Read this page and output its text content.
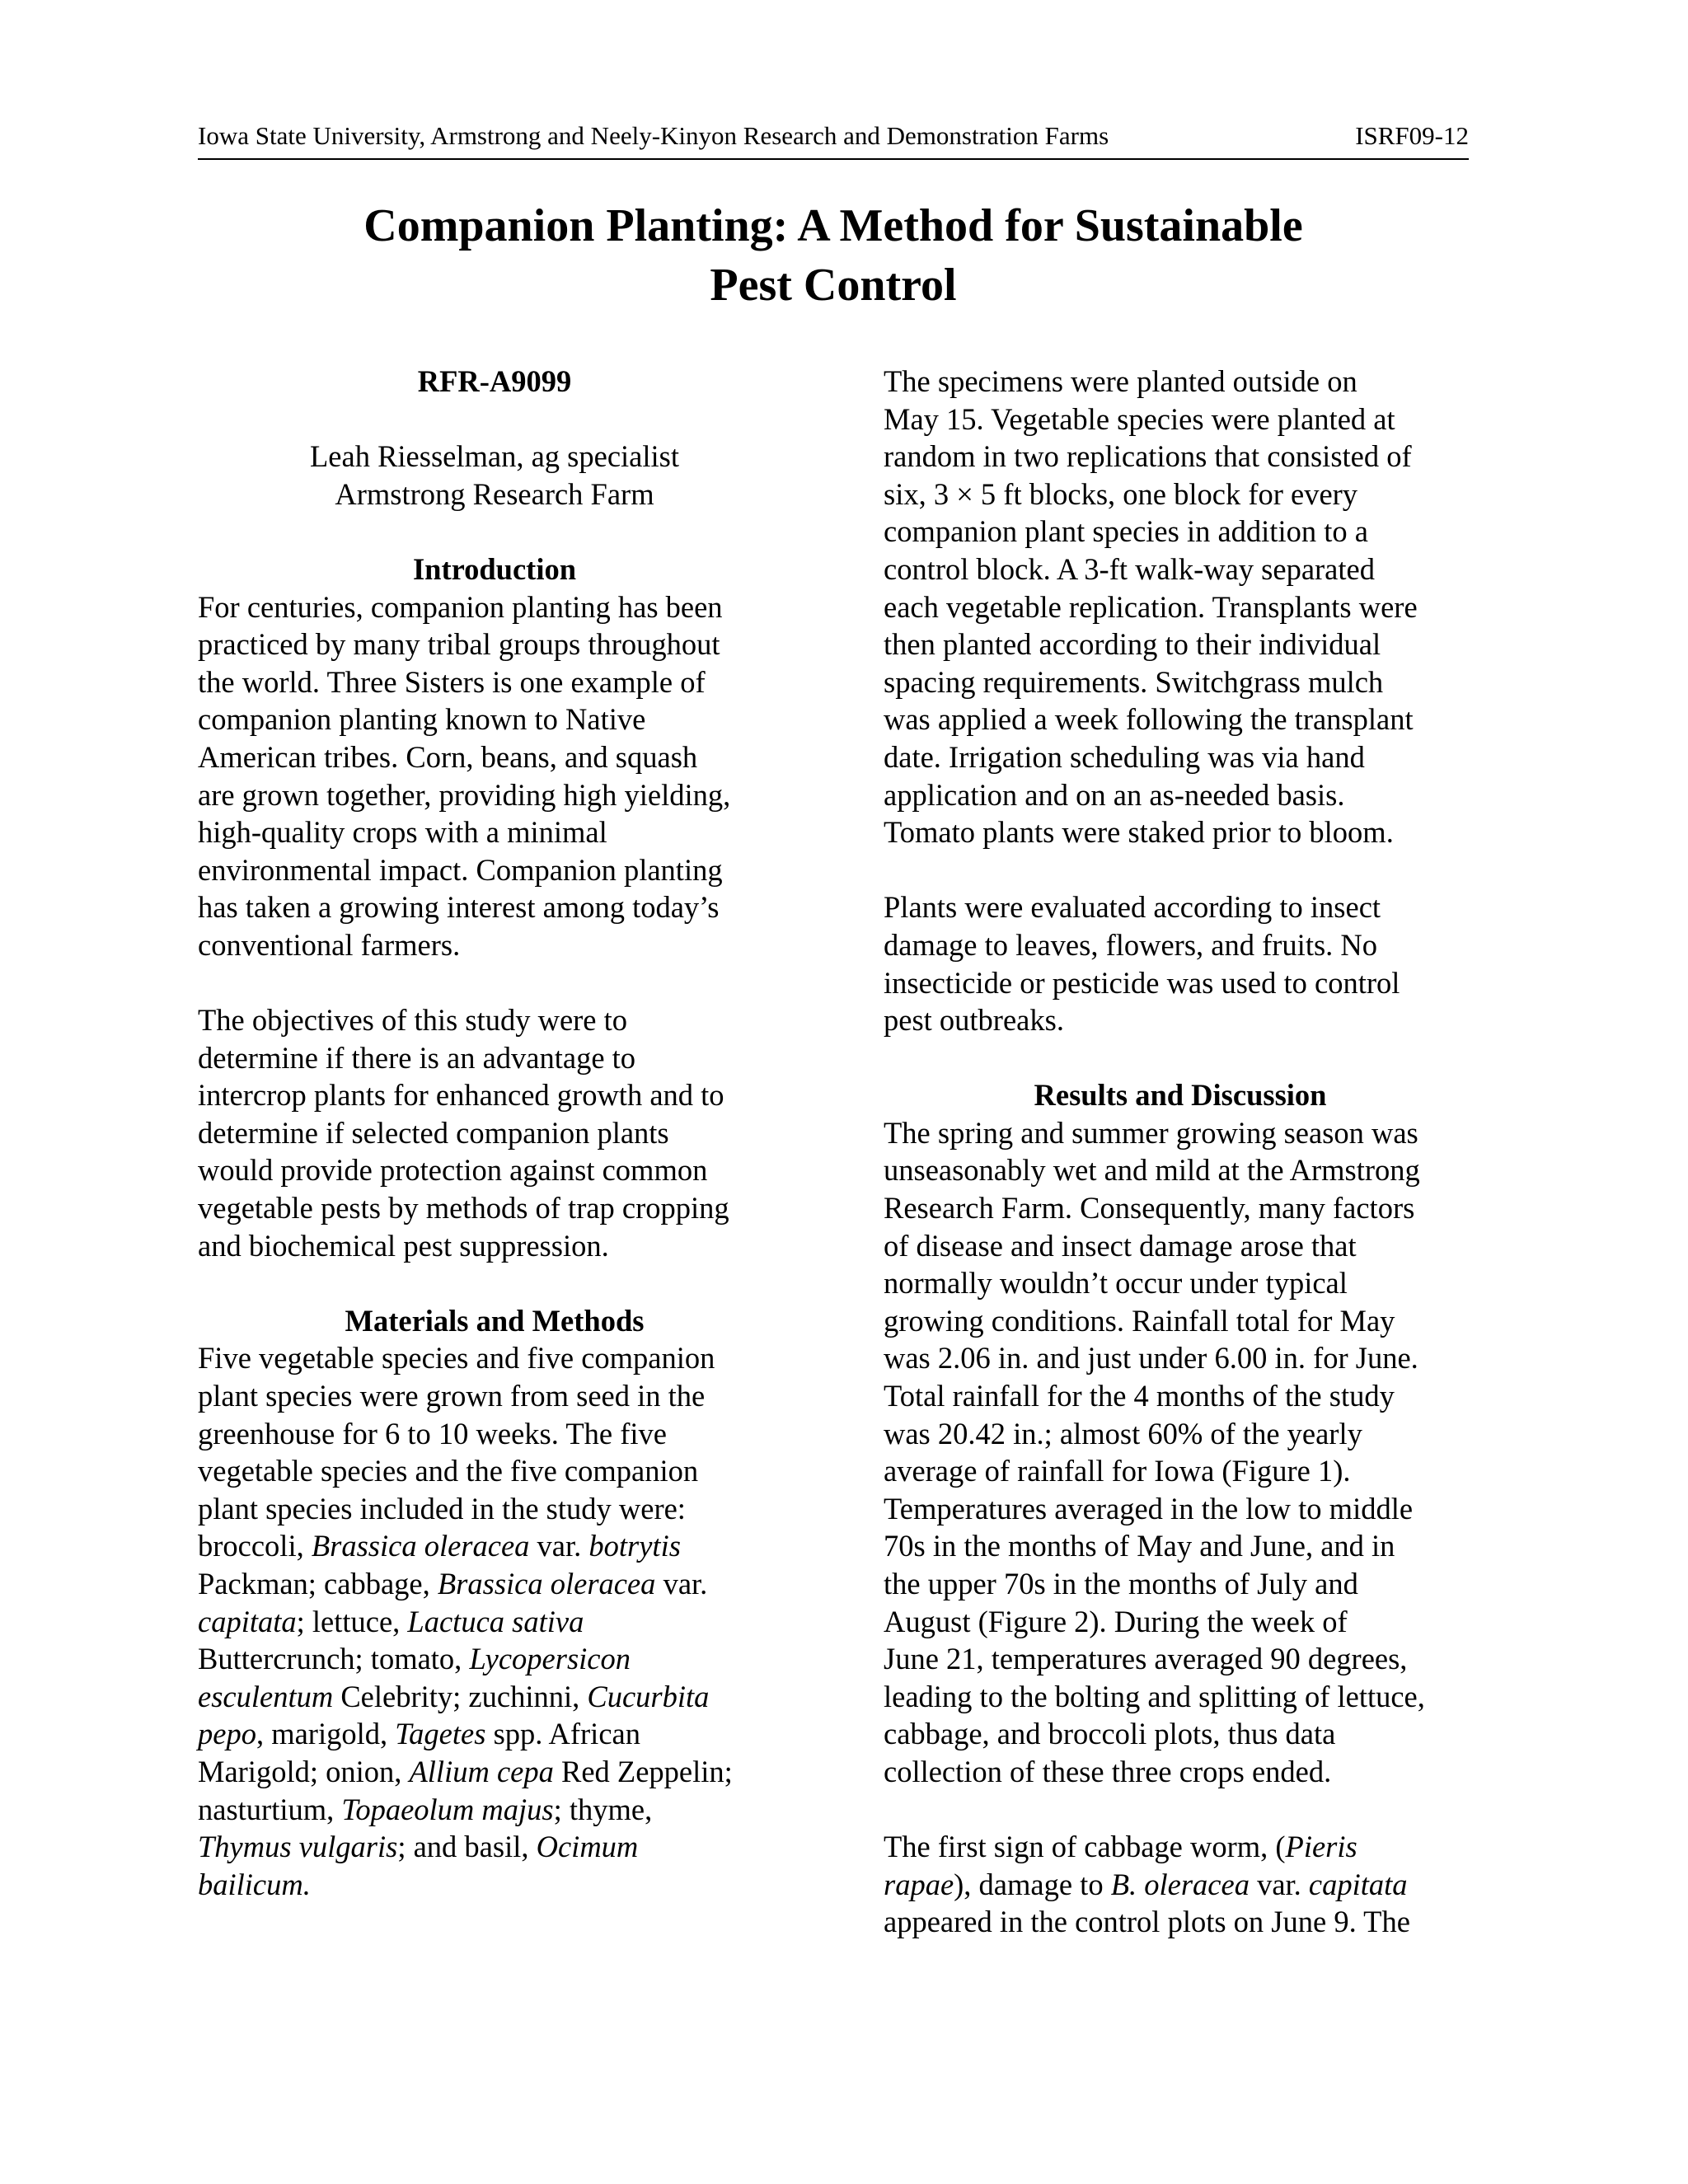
Iowa State University, Armstrong and Neely-Kinyon Research and Demonstration Farms	ISRF09-12
Companion Planting: A Method for Sustainable
Pest Control

RFR-A9099

Leah Riesselman, ag specialist

Armstrong Research Farm

Introduction

For centuries, companion planting has been
practiced by many tribal groups throughout
the world. Three Sisters is one example of
companion planting known to Native
American tribes. Corn, beans, and squash
are grown together, providing high yielding,
high-quality crops with a minimal
environmental impact. Companion planting
has taken a growing interest among today’s
conventional farmers.
The objectives of this study were to
determine if there is an advantage to
intercrop plants for enhanced growth and to
determine if selected companion plants
would provide protection against common
vegetable pests by methods of trap cropping
and biochemical pest suppression.

Materials and Methods

Five vegetable species and five companion
plant species were grown from seed in the
greenhouse for 6 to 10 weeks. The five
vegetable species and the five companion
plant species included in the study were:
broccoli, Brassica oleracea var. botrytis
Packman; cabbage, Brassica oleracea var.
capitata; lettuce, Lactuca sativa
Buttercrunch; tomato, Lycopersicon
esculentum Celebrity; zuchinni, Cucurbita
pepo, marigold, Tagetes spp. African
Marigold; onion, Allium cepa Red Zeppelin;
nasturtium, Topaeolum majus; thyme,
Thymus vulgaris; and basil, Ocimum
bailicum.
The specimens were planted outside on
May 15. Vegetable species were planted at
random in two replications that consisted of
six, 3 × 5 ft blocks, one block for every
companion plant species in addition to a
control block. A 3-ft walk-way separated
each vegetable replication. Transplants were
then planted according to their individual
spacing requirements. Switchgrass mulch
was applied a week following the transplant
date. Irrigation scheduling was via hand
application and on an as-needed basis.
Tomato plants were staked prior to bloom.
Plants were evaluated according to insect
damage to leaves, flowers, and fruits. No
insecticide or pesticide was used to control
pest outbreaks.

Results and Discussion

The spring and summer growing season was
unseasonably wet and mild at the Armstrong
Research Farm. Consequently, many factors
of disease and insect damage arose that
normally wouldn’t occur under typical
growing conditions. Rainfall total for May
was 2.06 in. and just under 6.00 in. for June.
Total rainfall for the 4 months of the study
was 20.42 in.; almost 60% of the yearly
average of rainfall for Iowa (Figure 1).
Temperatures averaged in the low to middle
70s in the months of May and June, and in
the upper 70s in the months of July and
August (Figure 2). During the week of
June 21, temperatures averaged 90 degrees,
leading to the bolting and splitting of lettuce,
cabbage, and broccoli plots, thus data
collection of these three crops ended.
The first sign of cabbage worm, (Pieris
rapae), damage to B. oleracea var. capitata
appeared in the control plots on June 9. The
